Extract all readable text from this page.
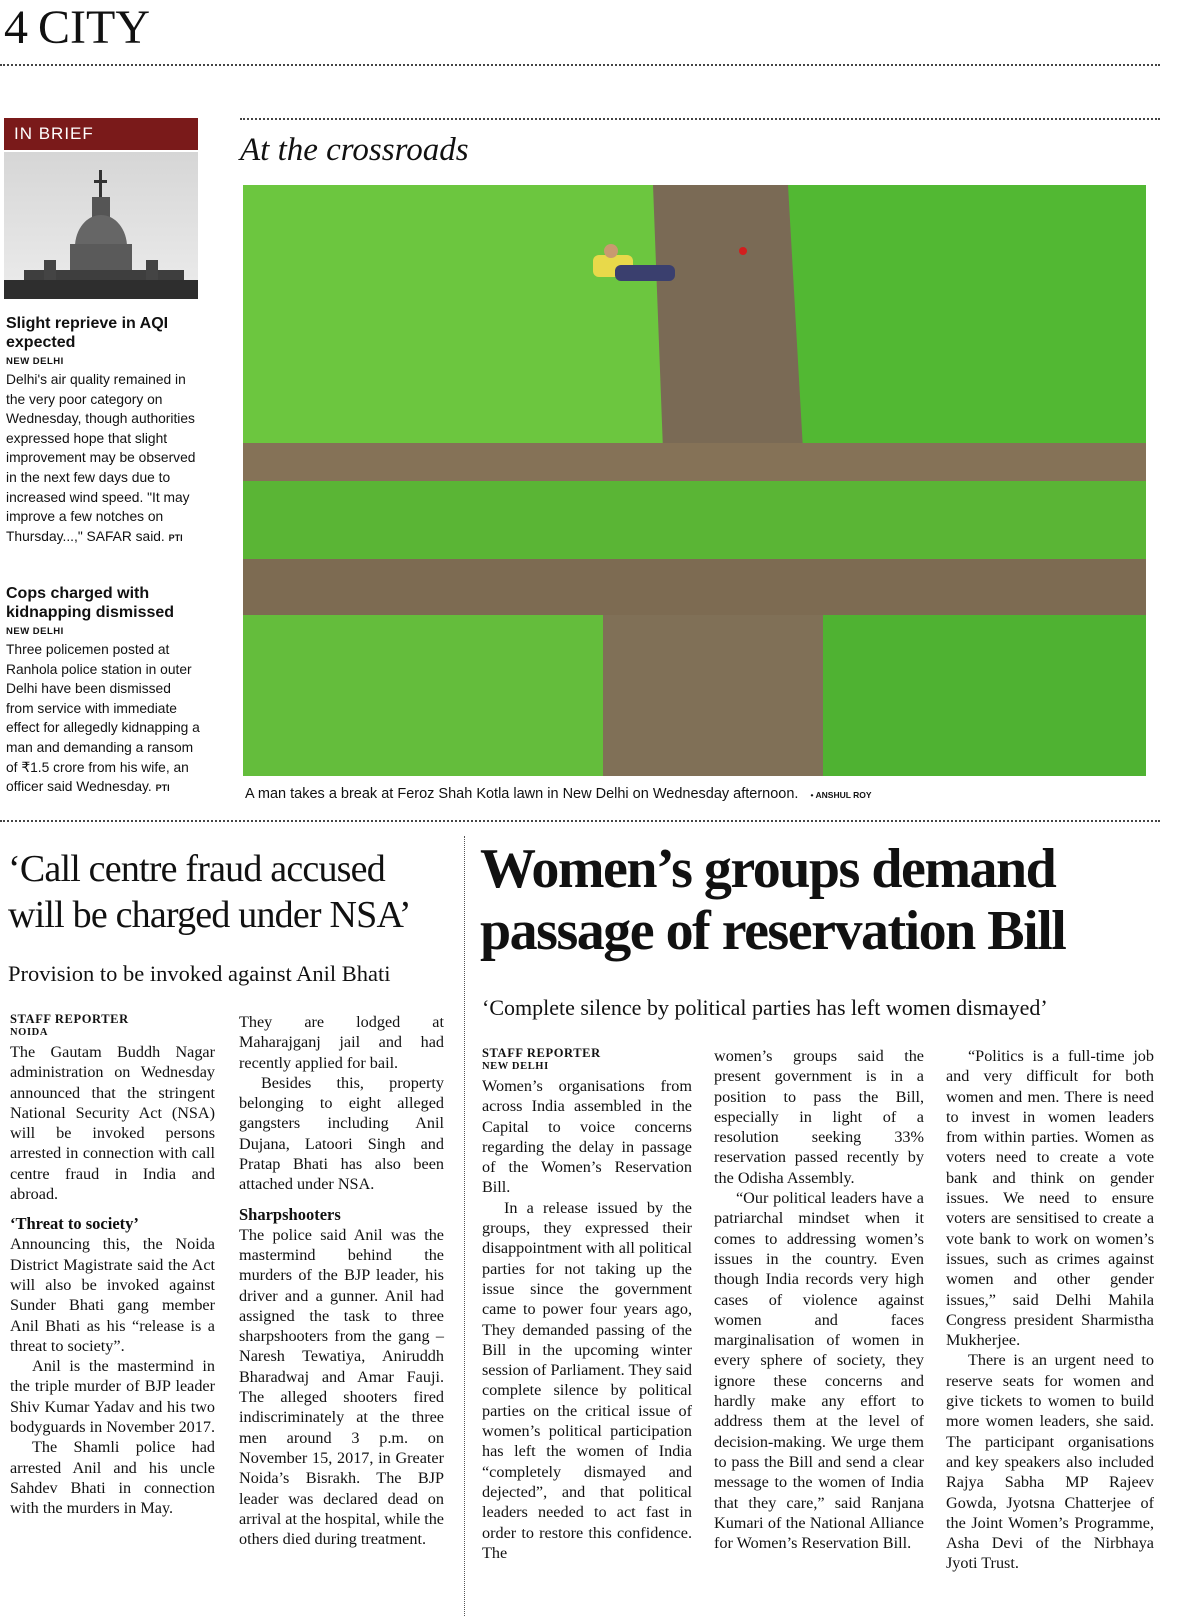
4 CITY
IN BRIEF
Slight reprieve in AQI expected
NEW DELHI
Delhi's air quality remained in the very poor category on Wednesday, though authorities expressed hope that slight improvement may be observed in the next few days due to increased wind speed. "It may improve a few notches on Thursday...," SAFAR said. PTI
Cops charged with kidnapping dismissed
NEW DELHI
Three policemen posted at Ranhola police station in outer Delhi have been dismissed from service with immediate effect for allegedly kidnapping a man and demanding a ransom of ₹1.5 crore from his wife, an officer said Wednesday. PTI
At the crossroads
A man takes a break at Feroz Shah Kotla lawn in New Delhi on Wednesday afternoon. • ANSHUL ROY
‘Call centre fraud accused
will be charged under NSA’
Provision to be invoked against Anil Bhati
STAFF REPORTER
NOIDA

The Gautam Buddh Nagar administration on Wednesday announced that the stringent National Security Act (NSA) will be invoked persons arrested in connection with call centre fraud in India and abroad.

‘Threat to society’

Announcing this, the Noida District Magistrate said the Act will also be invoked against Sunder Bhati gang member Anil Bhati as his “release is a threat to society”.

Anil is the mastermind in the triple murder of BJP leader Shiv Kumar Yadav and his two bodyguards in November 2017.

The Shamli police had arrested Anil and his uncle Sahdev Bhati in connection with the murders in May.

They are lodged at Maharajganj jail and had recently applied for bail.

Besides this, property belonging to eight alleged gangsters including Anil Dujana, Latoori Singh and Pratap Bhati has also been attached under NSA.

Sharpshooters

The police said Anil was the mastermind behind the murders of the BJP leader, his driver and a gunner. Anil had assigned the task to three sharpshooters from the gang – Naresh Tewatiya, Aniruddh Bharadwaj and Amar Fauji. The alleged shooters fired indiscriminately at the three men around 3 p.m. on November 15, 2017, in Greater Noida’s Bisrakh. The BJP leader was declared dead on arrival at the hospital, while the others died during treatment.

Women’s groups demand
passage of reservation Bill
‘Complete silence by political parties has left women dismayed’
STAFF REPORTER
NEW DELHI

Women’s organisations from across India assembled in the Capital to voice concerns regarding the delay in passage of the Women’s Reservation Bill.

In a release issued by the groups, they expressed their disappointment with all political parties for not taking up the issue since the government came to power four years ago, They demanded passing of the Bill in the upcoming winter session of Parliament. They said complete silence by political parties on the critical issue of women’s political participation has left the women of India “completely dismayed and dejected”, and that political leaders needed to act fast in order to restore this confidence. The

women’s groups said the present government is in a position to pass the Bill, especially in light of a resolution seeking 33% reservation passed recently by the Odisha Assembly.

“Our political leaders have a patriarchal mindset when it comes to addressing women’s issues in the country. Even though India records very high cases of violence against women and faces marginalisation of women in every sphere of society, they ignore these concerns and hardly make any effort to address them at the level of decision-making. We urge them to pass the Bill and send a clear message to the women of India that they care,” said Ranjana Kumari of the National Alliance for Women’s Reservation Bill.

“Politics is a full-time job and very difficult for both women and men. There is need to invest in women leaders from within parties. Women as voters need to create a vote bank and think on gender issues. We need to ensure voters are sensitised to create a vote bank to work on women’s issues, such as crimes against women and other gender issues,” said Delhi Mahila Congress president Sharmistha Mukherjee.

There is an urgent need to reserve seats for women and give tickets to women to build more women leaders, she said. The participant organisations and key speakers also included Rajya Sabha MP Rajeev Gowda, Jyotsna Chatterjee of the Joint Women’s Programme, Asha Devi of the Nirbhaya Jyoti Trust.
